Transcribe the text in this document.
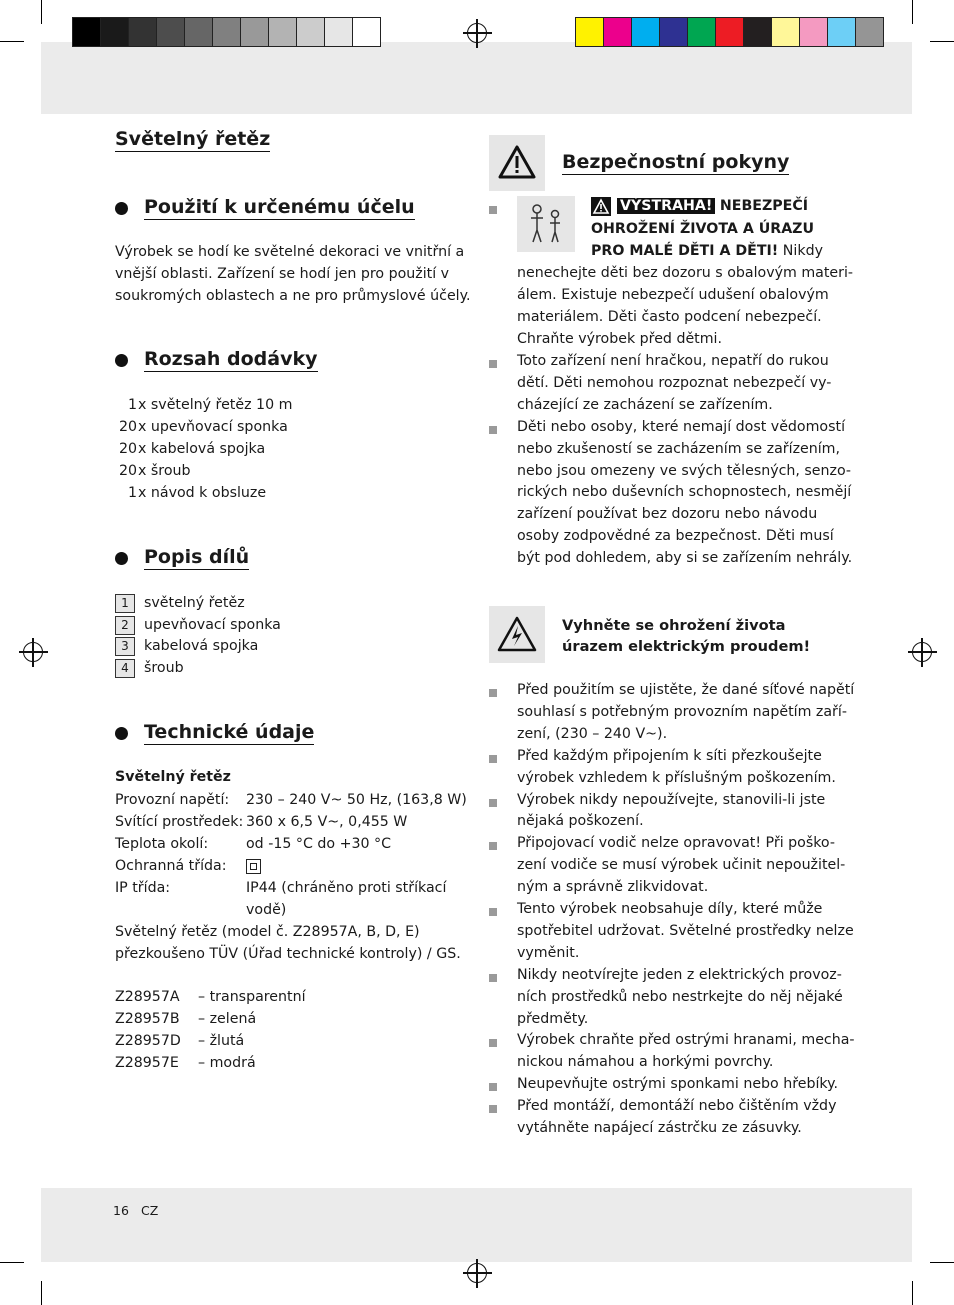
Světelný řetěz
Použití k určenému účelu
Výrobek se hodí ke světelné dekoraci ve vnitřní a
vnější oblasti. Zařízení se hodí jen pro použití v
soukromých oblastech a ne pro průmyslové účely.
Rozsah dodávky
1 x světelný řetěz 10 m
20 x upevňovací sponka
20 x kabelová spojka
20 x šroub
1 x návod k obsluze
Popis dílů
1 světelný řetěz
2 upevňovací sponka
3 kabelová spojka
4 šroub
Technické údaje
Světelný řetěz
Provozní napětí: 230 – 240 V~ 50 Hz, (163,8 W)
Svítící prostředek: 360 x 6,5 V~, 0,455 W
Teplota okolí:	od -15 °C do +30 °C
Ochranná třída:
IP třída:	IP44 (chráněno proti stříkací
vodě)
Světelný řetěz (model č. Z28957A, B, D, E)
přezkoušeno TÜV (Úřad technické kontroly) / GS.
Z28957A – transparentní
Z28957B – zelená
Z28957D – žlutá
Z28957E – modrá
Bezpečnostní pokyny
VÝSTRAHA! NEBEZPEČÍ
OHROŽENÍ ŽIVOTA A ÚRAZU
PRO MALÉ DĚTI A DĚTI! Nikdy
nenechejte děti bez dozoru s obalovým materi-
álem. Existuje nebezpečí udušení obalovým
materiálem. Děti často podcení nebezpečí.
Chraňte výrobek před dětmi.
Toto zařízení není hračkou, nepatří do rukou
dětí. Děti nemohou rozpoznat nebezpečí vy-
cházející ze zacházení se zařízením.
Děti nebo osoby, které nemají dost vědomostí
nebo zkušeností se zacházením se zařízením,
nebo jsou omezeny ve svých tělesných, senzo-
rických nebo duševních schopnostech, nesmějí
zařízení používat bez dozoru nebo návodu
osoby zodpovědné za bezpečnost. Děti musí
být pod dohledem, aby si se zařízením nehrály.
Vyhněte se ohrožení života
úrazem elektrickým proudem!
Před použitím se ujistěte, že dané síťové napětí
souhlasí s potřebným provozním napětím zaří-
zení, (230 – 240 V~).
Před každým připojením k síti přezkoušejte
výrobek vzhledem k příslušným poškozením.
Výrobek nikdy nepoužívejte, stanovili-li jste
nějaká poškození.
Připojovací vodič nelze opravovat! Při poško-
zení vodiče se musí výrobek učinit nepoužitel-
ným a správně zlikvidovat.
Tento výrobek neobsahuje díly, které může
spotřebitel udržovat. Světelné prostředky nelze
vyměnit.
Nikdy neotvírejte jeden z elektrických provoz-
ních prostředků nebo nestrkejte do něj nějaké
předměty.
Výrobek chraňte před ostrými hranami, mecha-
nickou námahou a horkými povrchy.
Neupevňujte ostrými sponkami nebo hřebíky.
Před montáží, demontáží nebo čištěním vždy
vytáhněte napájecí zástrčku ze zásuvky.
16 CZ
